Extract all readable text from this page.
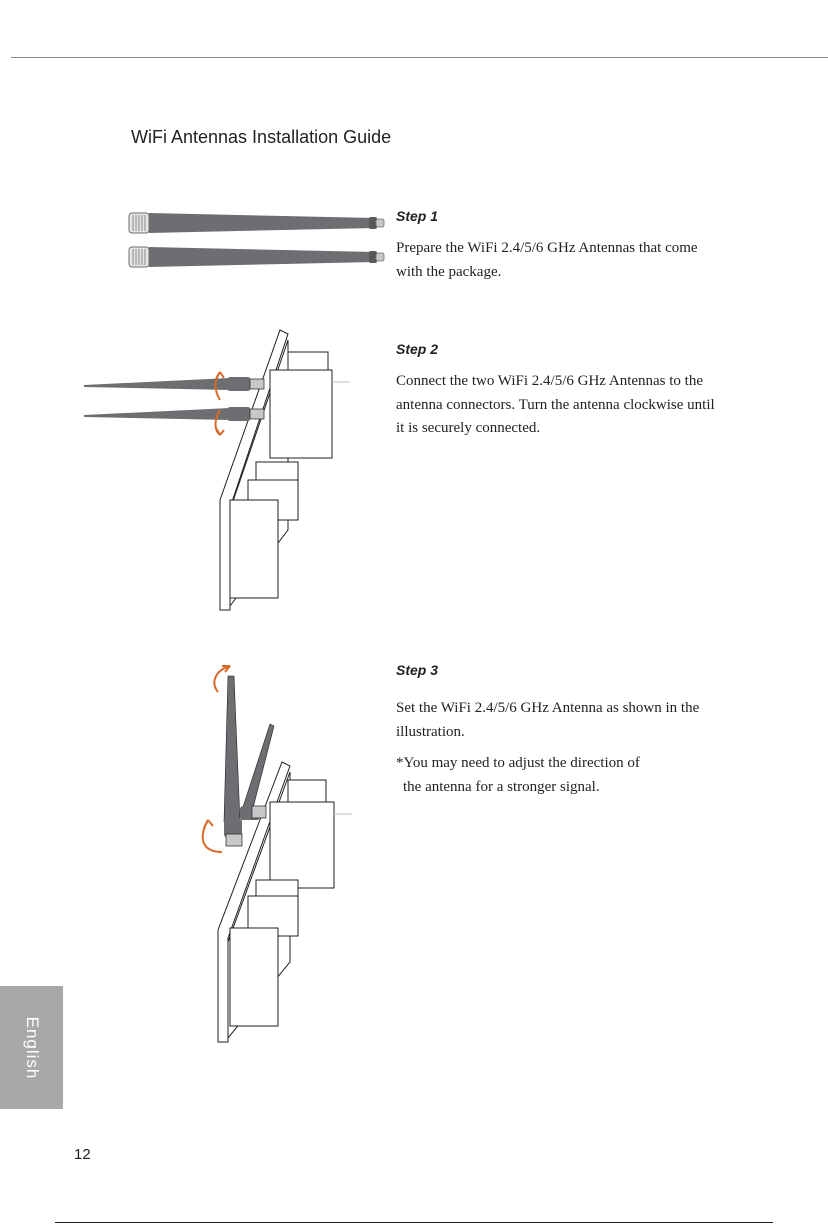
WiFi Antennas Installation Guide
Step 1

Prepare the WiFi 2.4/5/6 GHz Antennas that come with the package.

Step 2

Connect the two WiFi 2.4/5/6 GHz Antennas to the antenna connectors. Turn the antenna clockwise until it is securely connected.

Step 3

Set the WiFi 2.4/5/6 GHz Antenna as shown in the illustration.

*You may need to adjust the direction of
the antenna for a stronger signal.

English
12
